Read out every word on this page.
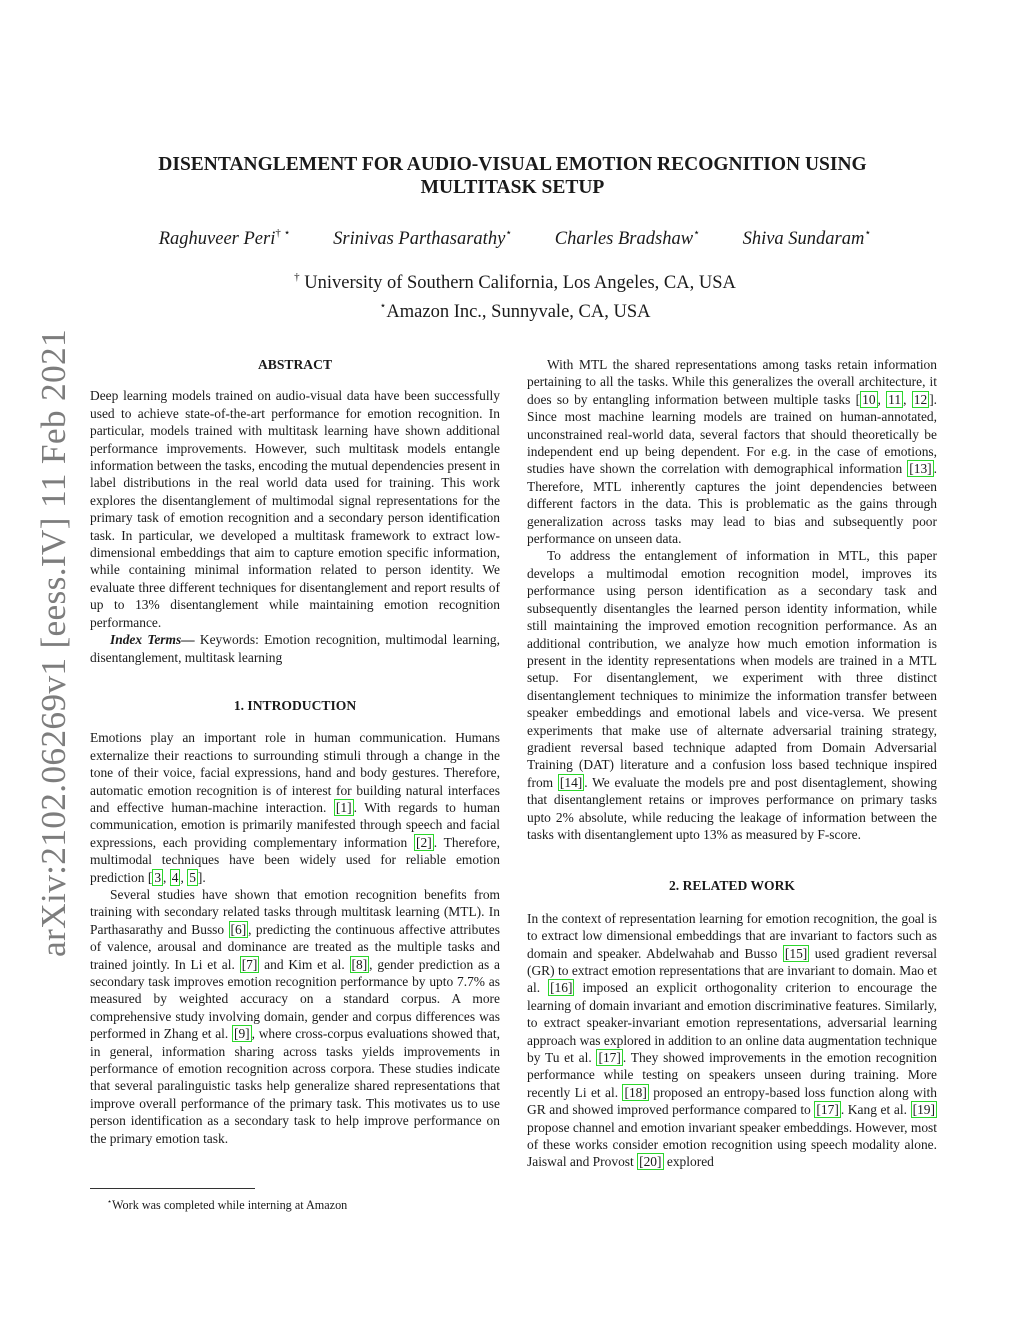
arXiv:2102.06269v1 [eess.IV] 11 Feb 2021
DISENTANGLEMENT FOR AUDIO-VISUAL EMOTION RECOGNITION USING
MULTITASK SETUP
Raghuveer Peri† ⋆ Srinivas Parthasarathy⋆ Charles Bradshaw⋆ Shiva Sundaram⋆
† University of Southern California, Los Angeles, CA, USA
⋆Amazon Inc., Sunnyvale, CA, USA
ABSTRACT

Deep learning models trained on audio-visual data have been successfully used to achieve state-of-the-art performance for emotion recognition. In particular, models trained with multitask learning have shown additional performance improvements. However, such multitask models entangle information between the tasks, encoding the mutual dependencies present in label distributions in the real world data used for training. This work explores the disentanglement of multimodal signal representations for the primary task of emotion recognition and a secondary person identification task. In particular, we developed a multitask framework to extract low-dimensional embeddings that aim to capture emotion specific information, while containing minimal information related to person identity. We evaluate three different techniques for disentanglement and report results of up to 13% disentanglement while maintaining emotion recognition performance.

Index Terms— Keywords: Emotion recognition, multimodal learning, disentanglement, multitask learning

1. INTRODUCTION

Emotions play an important role in human communication. Humans externalize their reactions to surrounding stimuli through a change in the tone of their voice, facial expressions, hand and body gestures. Therefore, automatic emotion recognition is of interest for building natural interfaces and effective human-machine interaction. [1] . With regards to human communication, emotion is primarily manifested through speech and facial expressions, each providing complementary information [2] . Therefore, multimodal techniques have been widely used for reliable emotion prediction [ 3 , 4 , 5 ].

Several studies have shown that emotion recognition benefits from training with secondary related tasks through multitask learning (MTL). In Parthasarathy and Busso [6] , predicting the continuous affective attributes of valence, arousal and dominance are treated as the multiple tasks and trained jointly. In Li et al. [7] and Kim et al. [8] , gender prediction as a secondary task improves emotion recognition performance by upto 7.7% as measured by weighted accuracy on a standard corpus. A more comprehensive study involving domain, gender and corpus differences was performed in Zhang et al. [9] , where cross-corpus evaluations showed that, in general, information sharing across tasks yields improvements in performance of emotion recognition across corpora. These studies indicate that several paralinguistic tasks help generalize shared representations that improve overall performance of the primary task. This motivates us to use person identification as a secondary task to help improve performance on the primary emotion task.

With MTL the shared representations among tasks retain information pertaining to all the tasks. While this generalizes the overall architecture, it does so by entangling information between multiple tasks [ 10 , 11 , 12 ]. Since most machine learning models are trained on human-annotated, unconstrained real-world data, several factors that should theoretically be independent end up being dependent. For e.g. in the case of emotions, studies have shown the correlation with demographical information [13] . Therefore, MTL inherently captures the joint dependencies between different factors in the data. This is problematic as the gains through generalization across tasks may lead to bias and subsequently poor performance on unseen data.

To address the entanglement of information in MTL, this paper develops a multimodal emotion recognition model, improves its performance using person identification as a secondary task and subsequently disentangles the learned person identity information, while still maintaining the improved emotion recognition performance. As an additional contribution, we analyze how much emotion information is present in the identity representations when models are trained in a MTL setup. For disentanglement, we experiment with three distinct disentanglement techniques to minimize the information transfer between speaker embeddings and emotional labels and vice-versa. We present experiments that make use of alternate adversarial training strategy, gradient reversal based technique adapted from Domain Adversarial Training (DAT) literature and a confusion loss based technique inspired from [14] . We evaluate the models pre and post disentaglement, showing that disentanglement retains or improves performance on primary tasks upto 2% absolute, while reducing the leakage of information between the tasks with disentanglement upto 13% as measured by F-score.

2. RELATED WORK

In the context of representation learning for emotion recognition, the goal is to extract low dimensional embeddings that are invariant to factors such as domain and speaker. Abdelwahab and Busso [15] used gradient reversal (GR) to extract emotion representations that are invariant to domain. Mao et al. [16] imposed an explicit orthogonality criterion to encourage the learning of domain invariant and emotion discriminative features. Similarly, to extract speaker-invariant emotion representations, adversarial learning approach was explored in addition to an online data augmentation technique by Tu et al. [17] . They showed improvements in the emotion recognition performance while testing on speakers unseen during training. More recently Li et al. [18] proposed an entropy-based loss function along with GR and showed improved performance compared to [17] . Kang et al. [19] propose channel and emotion invariant speaker embeddings. However, most of these works consider emotion recognition using speech modality alone. Jaiswal and Provost [20] explored

⋆Work was completed while interning at Amazon
